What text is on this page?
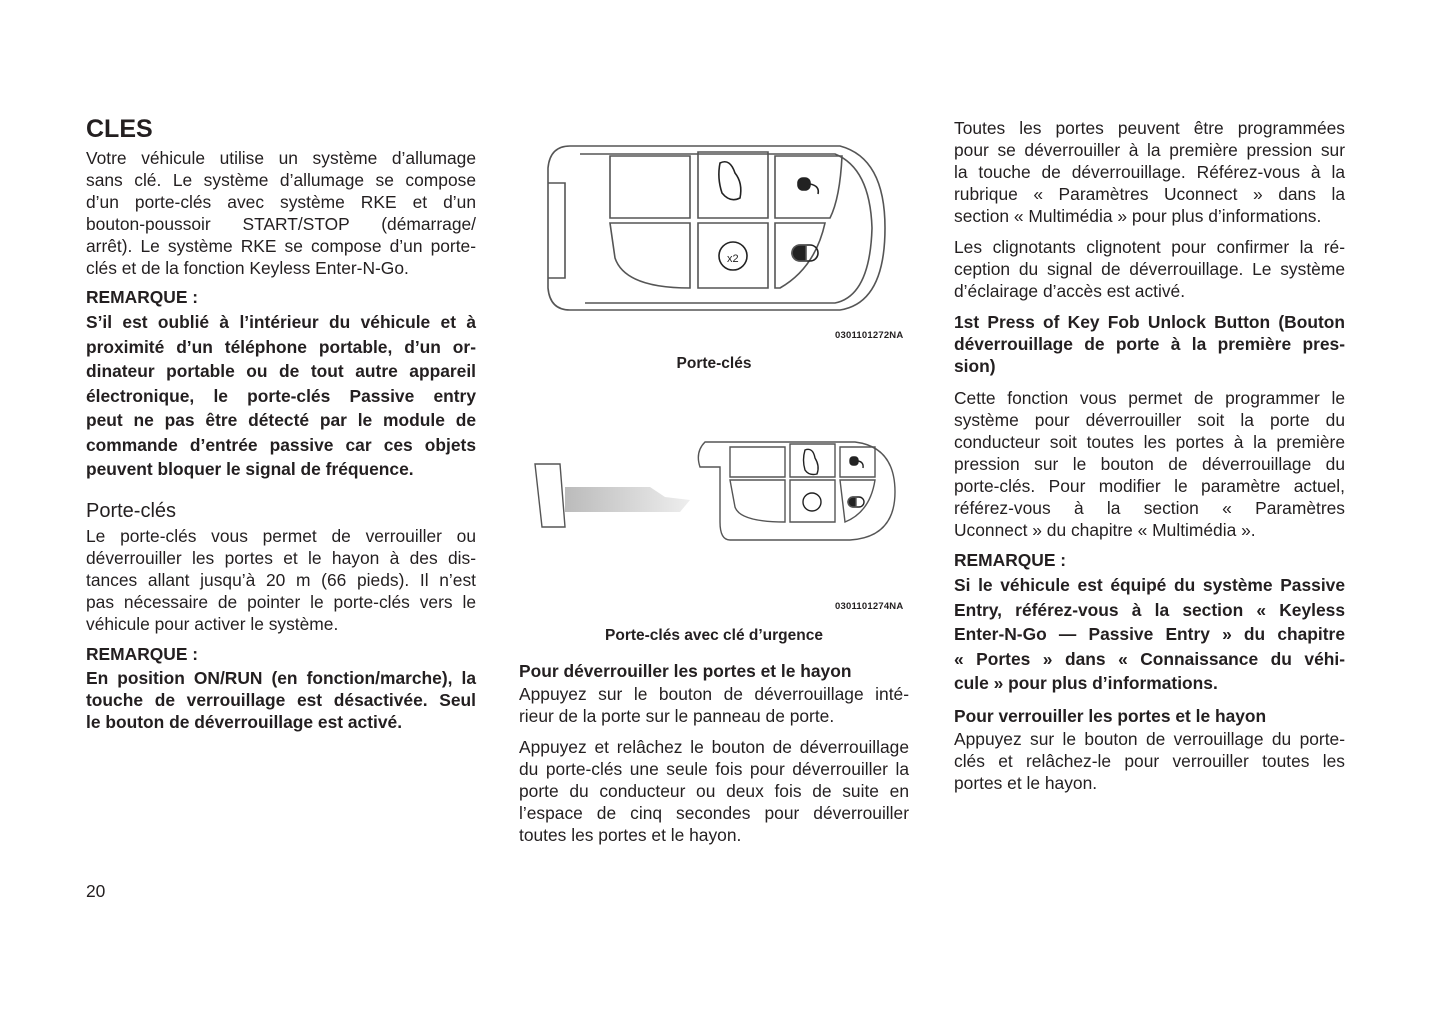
CLES
Votre véhicule utilise un système d’allumage
sans clé. Le système d’allumage se compose
d’un porte-clés avec système RKE et d’un
bouton-poussoir START/STOP (démarrage/
arrêt). Le système RKE se compose d’un porte-
clés et de la fonction Keyless Enter-N-Go.
REMARQUE :
S’il est oublié à l’intérieur du véhicule et à
proximité d’un téléphone portable, d’un or-
dinateur portable ou de tout autre appareil
électronique, le porte-clés Passive entry
peut ne pas être détecté par le module de
commande d’entrée passive car ces objets
peuvent bloquer le signal de fréquence.
Porte-clés
Le porte-clés vous permet de verrouiller ou
déverrouiller les portes et le hayon à des dis-
tances allant jusqu’à 20 m (66 pieds). Il n’est
pas nécessaire de pointer le porte-clés vers le
véhicule pour activer le système.
REMARQUE :
En position ON/RUN (en fonction/marche), la
touche de verrouillage est désactivée. Seul
le bouton de déverrouillage est activé.
20
x2
0301101272NA
Porte-clés
0301101274NA
Porte-clés avec clé d’urgence
Pour déverrouiller les portes et le hayon
Appuyez sur le bouton de déverrouillage inté-
rieur de la porte sur le panneau de porte.
Appuyez et relâchez le bouton de déverrouillage
du porte-clés une seule fois pour déverrouiller la
porte du conducteur ou deux fois de suite en
l’espace de cinq secondes pour déverrouiller
toutes les portes et le hayon.
Toutes les portes peuvent être programmées
pour se déverrouiller à la première pression sur
la touche de déverrouillage. Référez-vous à la
rubrique « Paramètres Uconnect » dans la
section « Multimédia » pour plus d’informations.
Les clignotants clignotent pour confirmer la ré-
ception du signal de déverrouillage. Le système
d’éclairage d’accès est activé.
1st Press of Key Fob Unlock Button (Bouton
déverrouillage de porte à la première pres-
sion)
Cette fonction vous permet de programmer le
système pour déverrouiller soit la porte du
conducteur soit toutes les portes à la première
pression sur le bouton de déverrouillage du
porte-clés. Pour modifier le paramètre actuel,
référez-vous à la section « Paramètres
Uconnect » du chapitre « Multimédia ».
REMARQUE :
Si le véhicule est équipé du système Passive
Entry, référez-vous à la section « Keyless
Enter-N-Go — Passive Entry » du chapitre
« Portes » dans « Connaissance du véhi-
cule » pour plus d’informations.
Pour verrouiller les portes et le hayon
Appuyez sur le bouton de verrouillage du porte-
clés et relâchez-le pour verrouiller toutes les
portes et le hayon.
